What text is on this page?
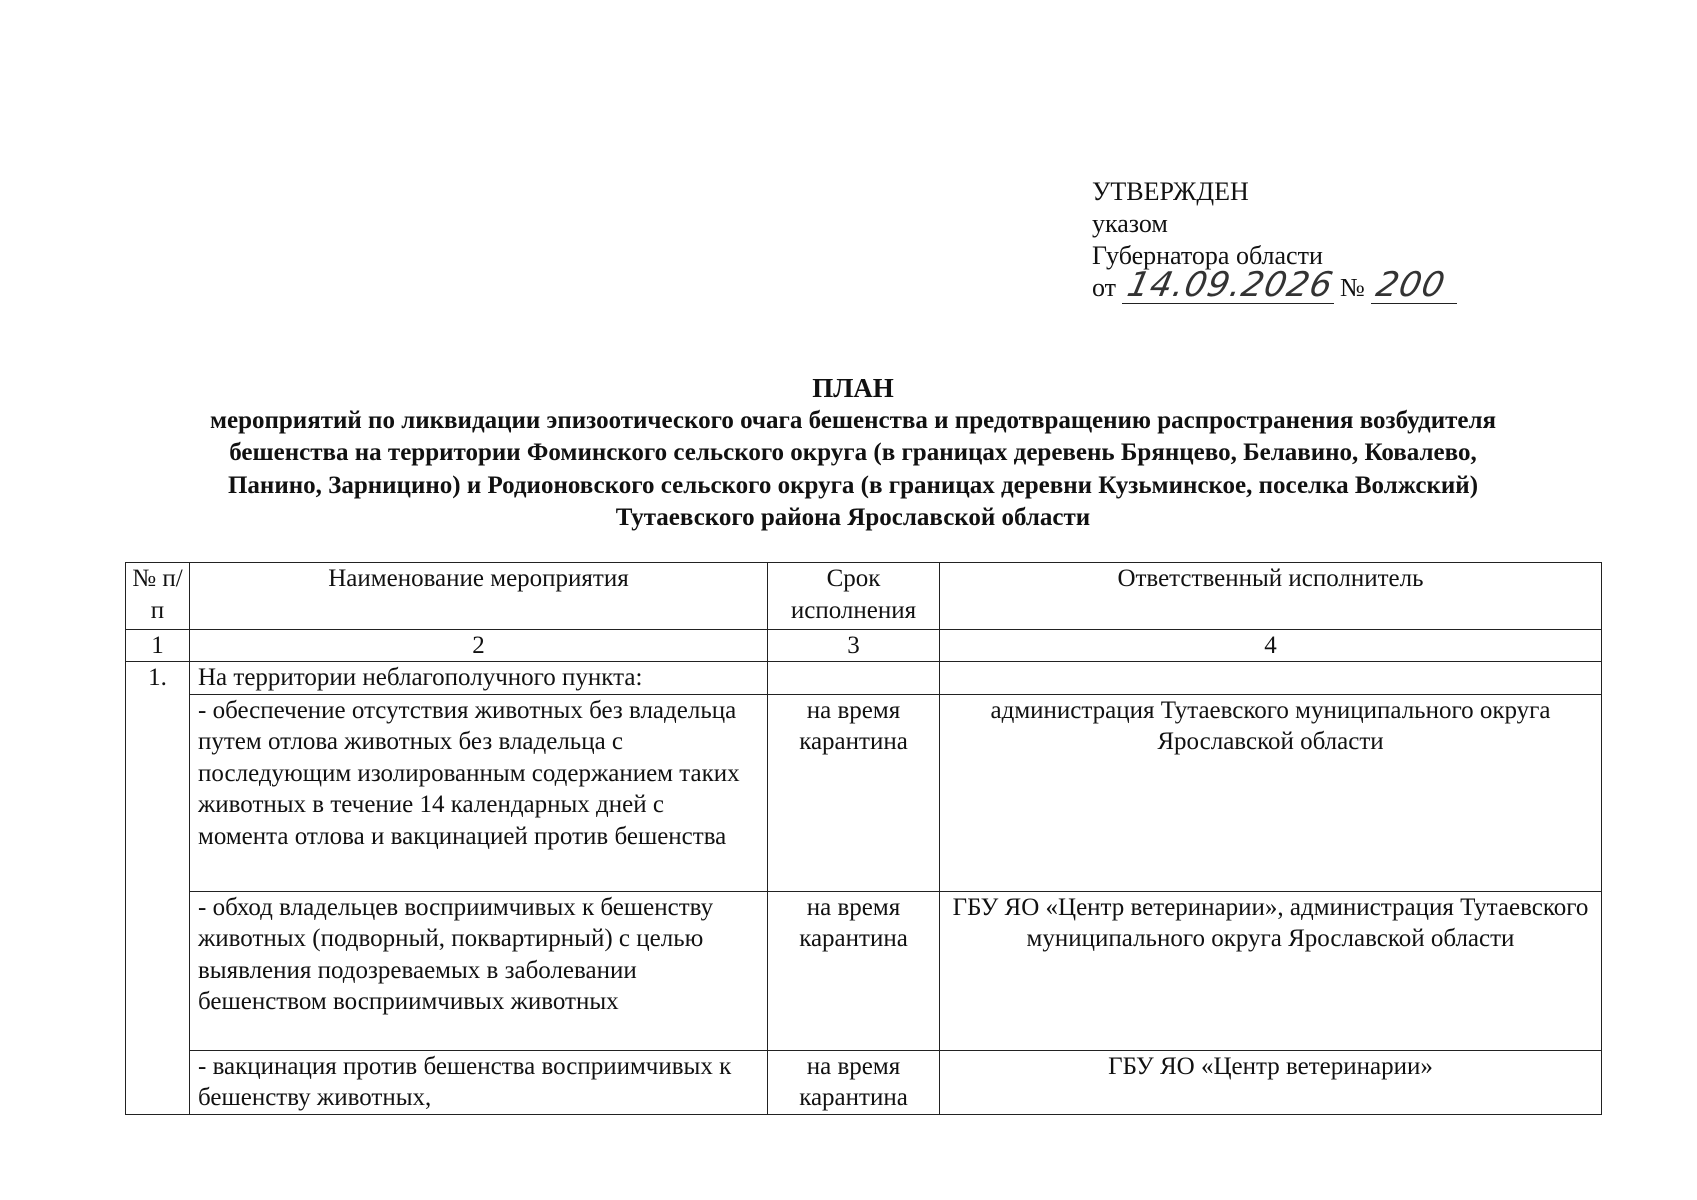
УТВЕРЖДЕН
указом
Губернатора области
от 14.09.2026 № 200
ПЛАН
мероприятий по ликвидации эпизоотического очага бешенства и предотвращению распространения возбудителя
бешенства на территории Фоминского сельского округа (в границах деревень Брянцево, Белавино, Ковалево,
Панино, Зарницино) и Родионовского сельского округа (в границах деревни Кузьминское, поселка Волжский)
Тутаевского района Ярославской области
№ п/п	Наименование мероприятия	Срок исполнения	Ответственный исполнитель
1	2	3	4
1.	На территории неблагополучного пункта:		
	- обеспечение отсутствия животных без владельца путем отлова животных без владельца с последующим изолированным содержанием таких животных в течение 14 календарных дней с момента отлова и вакцинацией против бешенства	на время карантина	администрация Тутаевского муниципального округа Ярославской области
	- обход владельцев восприимчивых к бешенству животных (подворный, поквартирный) с целью выявления подозреваемых в заболевании бешенством восприимчивых животных	на время карантина	ГБУ ЯО «Центр ветеринарии», администрация Тутаевского муниципального округа Ярославской области
	- вакцинация против бешенства восприимчивых к бешенству животных,	на время карантина	ГБУ ЯО «Центр ветеринарии»
